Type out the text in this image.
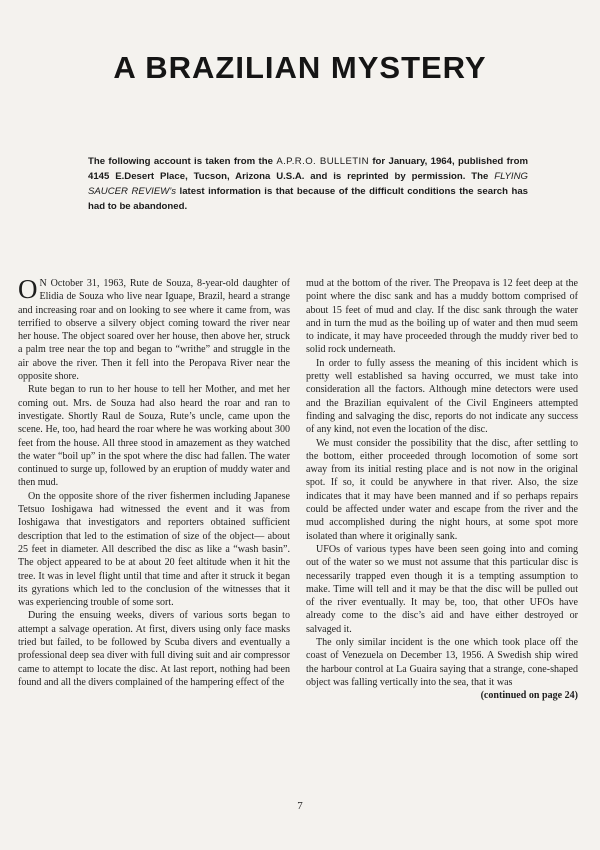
A BRAZILIAN MYSTERY
The following account is taken from the A.P.R.O. BULLETIN for January, 1964, published from 4145 E.Desert Place, Tucson, Arizona U.S.A. and is reprinted by permission. The FLYING SAUCER REVIEW’s latest information is that because of the difficult conditions the search has had to be abandoned.

O N October 31, 1963, Rute de Souza, 8-year-old daughter of Elidia de Souza who live near Iguape, Brazil, heard a strange and increasing roar and on looking to see where it came from, was terrified to observe a silvery object coming toward the river near her house. The object soared over her house, then above her, struck a palm tree near the top and began to “writhe” and struggle in the air above the river. Then it fell into the Peropava River near the opposite shore.

Rute began to run to her house to tell her Mother, and met her coming out. Mrs. de Souza had also heard the roar and ran to investigate. Shortly Raul de Souza, Rute’s uncle, came upon the scene. He, too, had heard the roar where he was working about 300 feet from the house. All three stood in amazement as they watched the water “boil up” in the spot where the disc had fallen. The water continued to surge up, followed by an eruption of muddy water and then mud.

On the opposite shore of the river fishermen including Japanese Tetsuo Ioshigawa had witnessed the event and it was from Ioshigawa that investigators and reporters obtained sufficient description that led to the estimation of size of the object— about 25 feet in diameter. All described the disc as like a “wash basin”. The object appeared to be at about 20 feet altitude when it hit the tree. It was in level flight until that time and after it struck it began its gyrations which led to the conclusion of the witnesses that it was experiencing trouble of some sort.

During the ensuing weeks, divers of various sorts began to attempt a salvage operation. At first, divers using only face masks tried but failed, to be followed by Scuba divers and eventually a professional deep sea diver with full diving suit and air compressor came to attempt to locate the disc. At last report, nothing had been found and all the divers complained of the hampering effect of the

mud at the bottom of the river. The Preopava is 12 feet deep at the point where the disc sank and has a muddy bottom comprised of about 15 feet of mud and clay. If the disc sank through the water and in turn the mud as the boiling up of water and then mud seem to indicate, it may have proceeded through the muddy river bed to solid rock underneath.

In order to fully assess the meaning of this incident which is pretty well established sa having occurred, we must take into consideration all the factors. Although mine detectors were used and the Brazilian equivalent of the Civil Engineers attempted finding and salvaging the disc, reports do not indicate any success of any kind, not even the location of the disc.

We must consider the possibility that the disc, after settling to the bottom, either proceeded through locomotion of some sort away from its initial resting place and is not now in the original spot. If so, it could be anywhere in that river. Also, the size indicates that it may have been manned and if so perhaps repairs could be affected under water and escape from the river and the mud accomplished during the night hours, at some spot more isolated than where it originally sank.

UFOs of various types have been seen going into and coming out of the water so we must not assume that this particular disc is necessarily trapped even though it is a tempting assumption to make. Time will tell and it may be that the disc will be pulled out of the river eventually. It may be, too, that other UFOs have already come to the disc’s aid and have either destroyed or salvaged it.

The only similar incident is the one which took place off the coast of Venezuela on December 13, 1956. A Swedish ship wired the harbour control at La Guaira saying that a strange, cone-shaped object was falling vertically into the sea, that it was

(continued on page 24)
7
